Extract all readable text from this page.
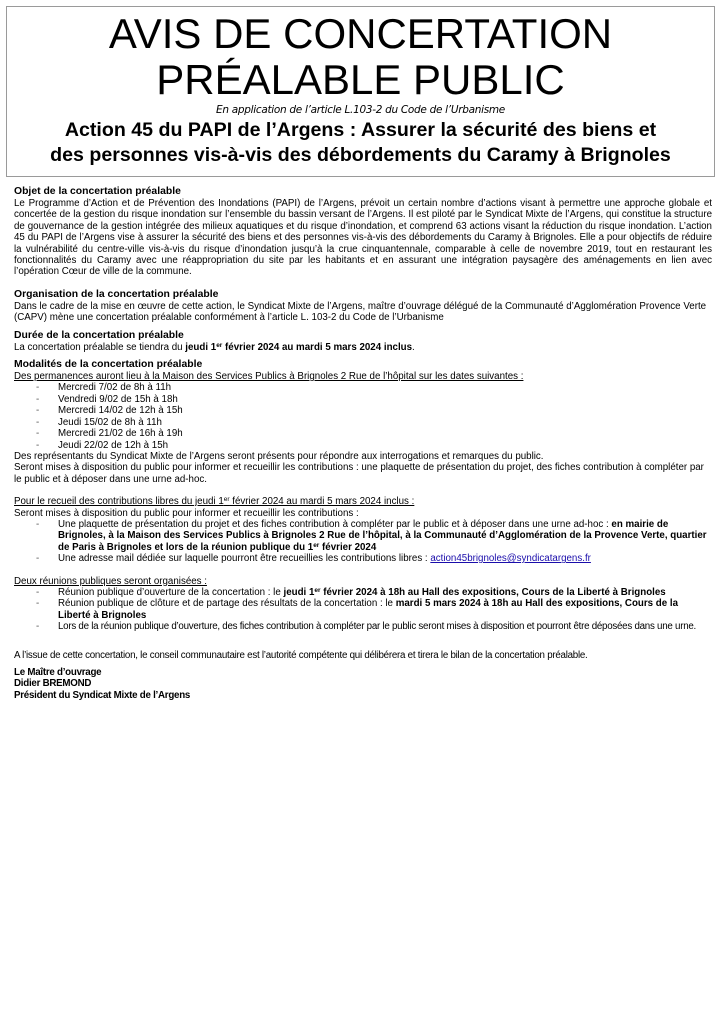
AVIS DE CONCERTATION
PRÉALABLE PUBLIC
En application de l’article L.103-2 du Code de l’Urbanisme
Action 45 du PAPI de l’Argens : Assurer la sécurité des biens et
des personnes vis-à-vis des débordements du Caramy à Brignoles
Objet de la concertation préalable
Le Programme d’Action et de Prévention des Inondations (PAPI) de l’Argens, prévoit un certain nombre d’actions visant à permettre une approche globale et concertée de la gestion du risque inondation sur l’ensemble du bassin versant de l’Argens. Il est piloté par le Syndicat Mixte de l’Argens, qui constitue la structure de gouvernance de la gestion intégrée des milieux aquatiques et du risque d’inondation, et comprend 63 actions visant la réduction du risque inondation. L’action 45 du PAPI de l’Argens vise à assurer la sécurité des biens et des personnes vis-à-vis des débordements du Caramy à Brignoles. Elle a pour objectifs de réduire la vulnérabilité du centre-ville vis-à-vis du risque d’inondation jusqu’à la crue cinquantennale, comparable à celle de novembre 2019, tout en restaurant les fonctionnalités du Caramy avec une réappropriation du site par les habitants et en assurant une intégration paysagère des aménagements en lien avec l’opération Cœur de ville de la commune.
Organisation de la concertation préalable
Dans le cadre de la mise en œuvre de cette action, le Syndicat Mixte de l’Argens, maître d’ouvrage délégué de la Communauté d’Agglomération Provence Verte (CAPV) mène une concertation préalable conformément à l’article L. 103-2 du Code de l’Urbanisme
Durée de la concertation préalable
La concertation préalable se tiendra du jeudi 1er février 2024 au mardi 5 mars 2024 inclus.
Modalités de la concertation préalable
Des permanences auront lieu à la Maison des Services Publics à Brignoles 2 Rue de l’hôpital sur les dates suivantes :
- Mercredi 7/02 de 8h à 11h
- Vendredi 9/02 de 15h à 18h
- Mercredi 14/02 de 12h à 15h
- Jeudi 15/02 de 8h à 11h
- Mercredi 21/02 de 16h à 19h
- Jeudi 22/02 de 12h à 15h
Des représentants du Syndicat Mixte de l’Argens seront présents pour répondre aux interrogations et remarques du public.
Seront mises à disposition du public pour informer et recueillir les contributions : une plaquette de présentation du projet, des fiches contribution à compléter par le public et à déposer dans une urne ad-hoc.
Pour le recueil des contributions libres du jeudi 1er février 2024 au mardi 5 mars 2024 inclus :
Seront mises à disposition du public pour informer et recueillir les contributions :
- Une plaquette de présentation du projet et des fiches contribution à compléter par le public et à déposer dans une urne ad-hoc : en mairie de Brignoles, à la Maison des Services Publics à Brignoles 2 Rue de l’hôpital, à la Communauté d’Agglomération de la Provence Verte, quartier de Paris à Brignoles et lors de la réunion publique du 1er février 2024
- Une adresse mail dédiée sur laquelle pourront être recueillies les contributions libres : action45brignoles@syndicatargens.fr
Deux réunions publiques seront organisées :
- Réunion publique d’ouverture de la concertation : le jeudi 1er février 2024 à 18h au Hall des expositions, Cours de la Liberté à Brignoles
- Réunion publique de clôture et de partage des résultats de la concertation : le mardi 5 mars 2024 à 18h au Hall des expositions, Cours de la Liberté à Brignoles
- Lors de la réunion publique d’ouverture, des fiches contribution à compléter par le public seront mises à disposition et pourront être déposées dans une urne.
A l’issue de cette concertation, le conseil communautaire est l’autorité compétente qui délibérera et tirera le bilan de la concertation préalable.
Le Maître d’ouvrage
Didier BREMOND
Président du Syndicat Mixte de l’Argens
